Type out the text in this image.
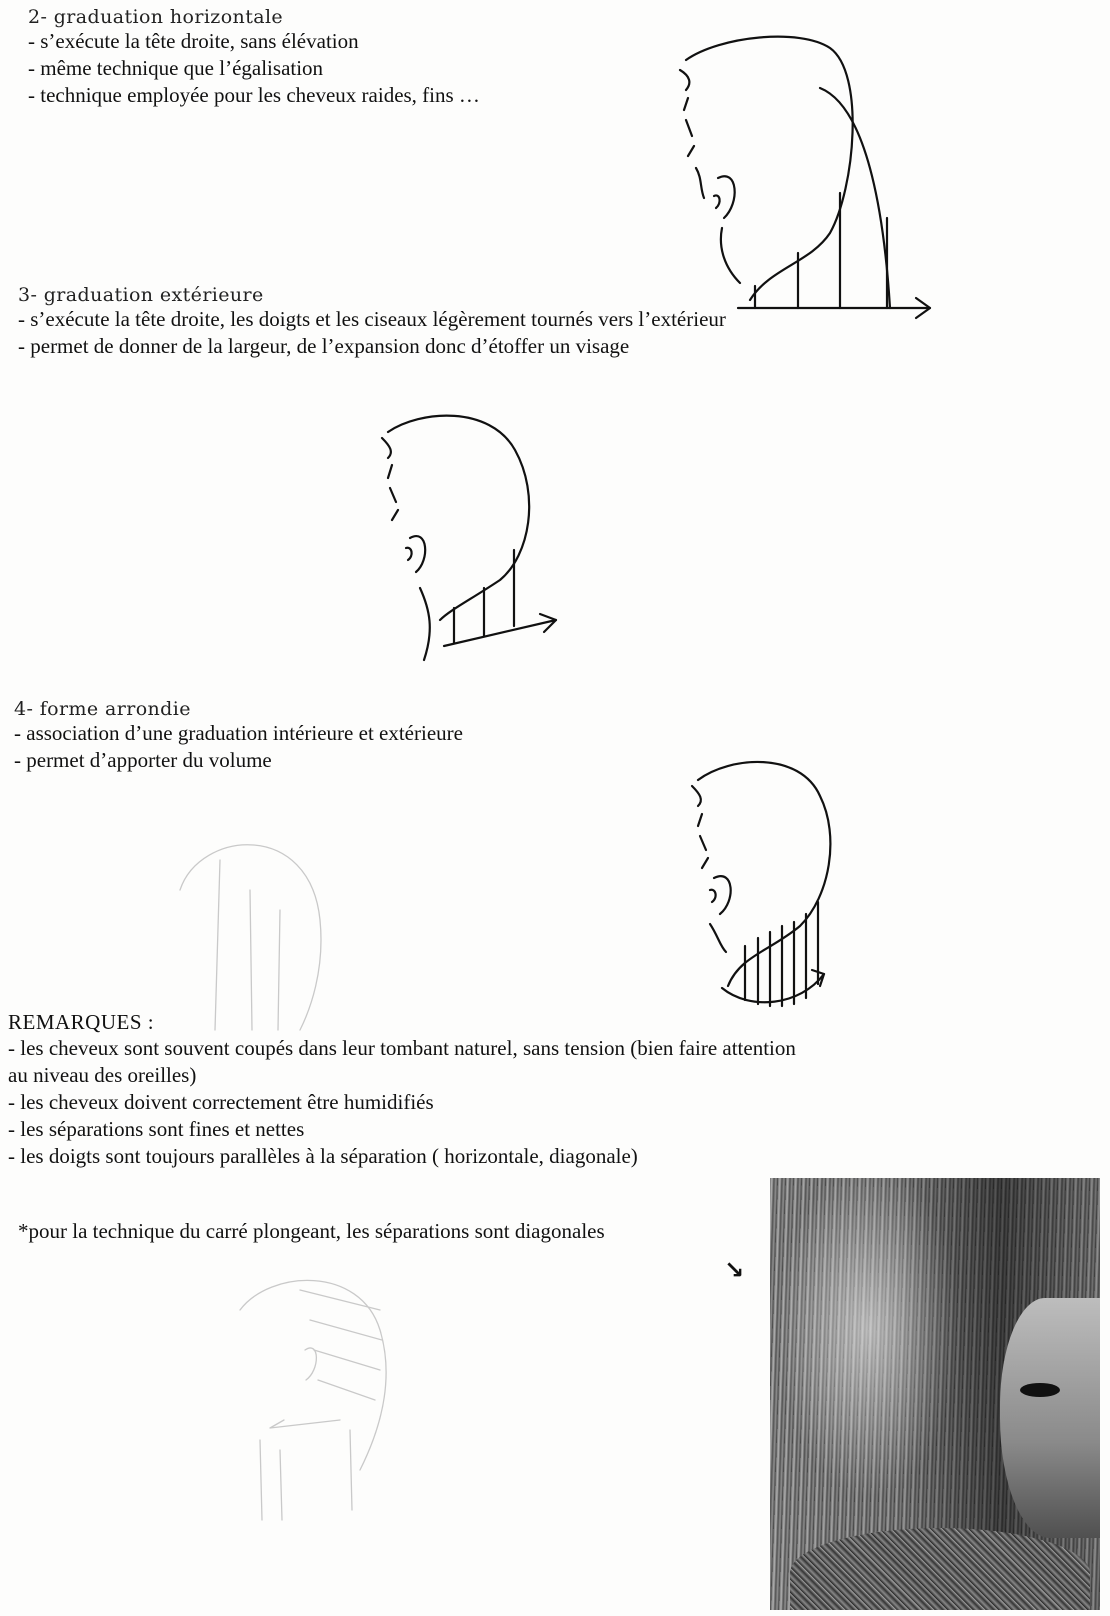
2- graduation horizontale
- s’exécute la tête droite, sans élévation
- même technique que l’égalisation
- technique employée pour les cheveux raides, fins …
3- graduation extérieure
- s’exécute la tête droite, les doigts et les ciseaux légèrement tournés vers l’extérieur
- permet de donner de la largeur, de l’expansion donc d’étoffer un visage
4- forme arrondie
- association d’une graduation intérieure et extérieure
- permet d’apporter du volume
REMARQUES :
- les cheveux sont souvent coupés dans leur tombant naturel, sans tension (bien faire attention
au niveau des oreilles)
- les cheveux doivent correctement être humidifiés
- les séparations sont fines et nettes
- les doigts sont toujours parallèles à la séparation ( horizontale, diagonale)
*pour la technique du carré plongeant, les séparations sont diagonales
↘
